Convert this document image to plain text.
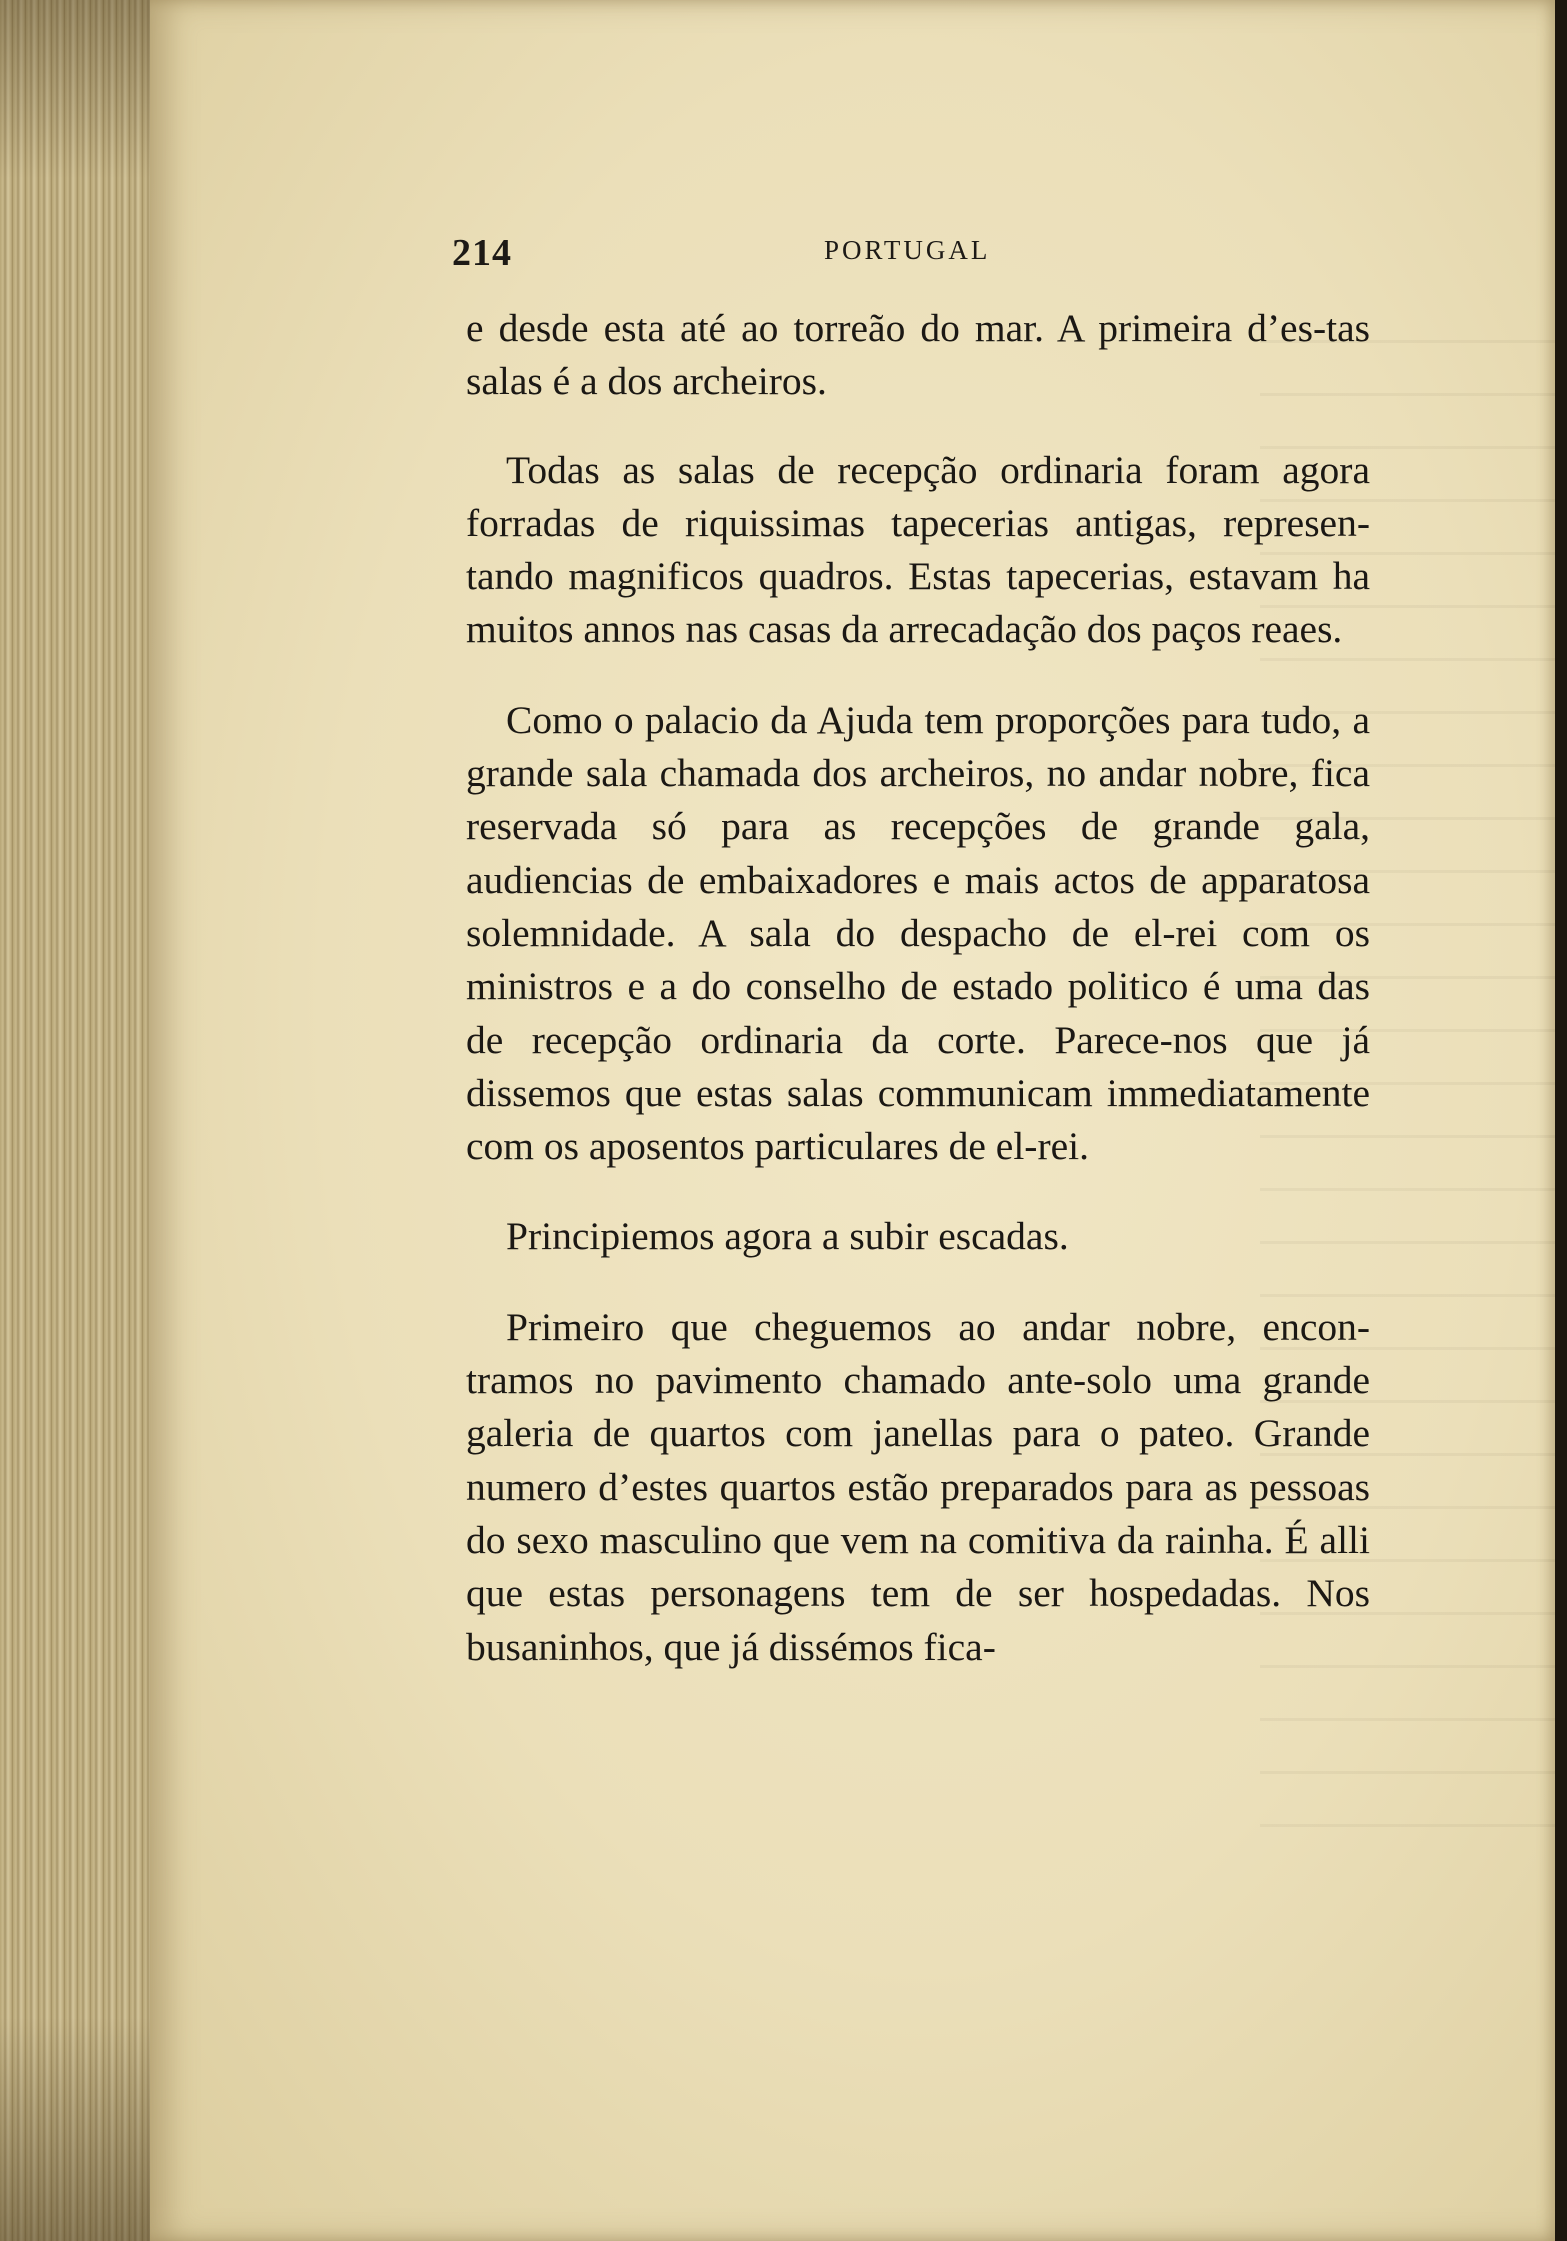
214	PORTUGAL

e desde esta até ao torreão do mar. A primeira d’es-tas salas é a dos archeiros.

Todas as salas de recepção ordinaria foram agora forradas de riquissimas tapecerias antigas, represen-tando magnificos quadros. Estas tapecerias, estavam ha muitos annos nas casas da arrecadação dos paços reaes.

Como o palacio da Ajuda tem proporções para tudo, a grande sala chamada dos archeiros, no andar nobre, fica reservada só para as recepções de grande gala, audiencias de embaixadores e mais actos de apparatosa solemnidade. A sala do despacho de el-rei com os ministros e a do conselho de estado politico é uma das de recepção ordinaria da corte. Parece-nos que já dissemos que estas salas communicam immediatamente com os aposentos particulares de el-rei.

Principiemos agora a subir escadas.

Primeiro que cheguemos ao andar nobre, encon-tramos no pavimento chamado ante-solo uma grande galeria de quartos com janellas para o pateo. Grande numero d’estes quartos estão preparados para as pessoas do sexo masculino que vem na comitiva da rainha. É alli que estas personagens tem de ser hospedadas. Nos busaninhos, que já dissémos fica-
